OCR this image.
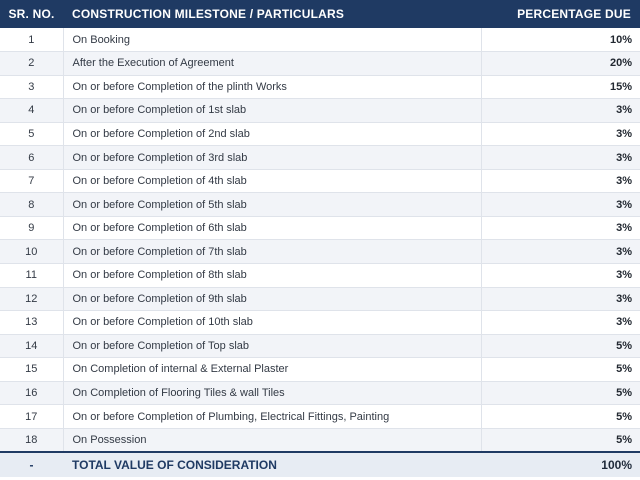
SR. NO.	CONSTRUCTION MILESTONE / PARTICULARS	PERCENTAGE DUE
1	On Booking	10%
2	After the Execution of Agreement	20%
3	On or before Completion of the plinth Works	15%
4	On or before Completion of 1st slab	3%
5	On or before Completion of 2nd slab	3%
6	On or before Completion of 3rd slab	3%
7	On or before Completion of 4th slab	3%
8	On or before Completion of 5th slab	3%
9	On or before Completion of 6th slab	3%
10	On or before Completion of 7th slab	3%
11	On or before Completion of 8th slab	3%
12	On or before Completion of 9th slab	3%
13	On or before Completion of 10th slab	3%
14	On or before Completion of Top slab	5%
15	On Completion of internal & External Plaster	5%
16	On Completion of Flooring Tiles & wall Tiles	5%
17	On or before Completion of Plumbing, Electrical Fittings, Painting	5%
18	On Possession	5%
-	TOTAL VALUE OF CONSIDERATION	100%
